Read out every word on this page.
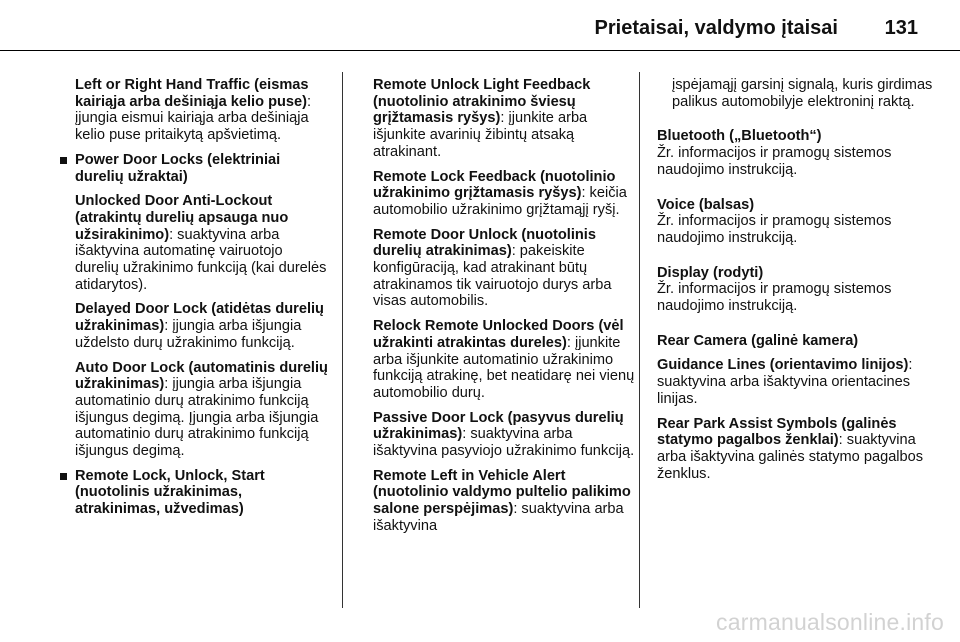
Prietaisai, valdymo įtaisai 131

Left or Right Hand Traffic (eismas kairiąja arba dešiniąja kelio puse): įjungia eismui kairiąja arba dešiniąja kelio puse pritaikytą apšvietimą.

Power Door Locks (elektriniai durelių užraktai)

Unlocked Door Anti-Lockout (atrakintų durelių apsauga nuo užsirakinimo): suaktyvina arba išaktyvina automatinę vairuotojo durelių užrakinimo funkciją (kai durelės atidarytos).

Delayed Door Lock (atidėtas durelių užrakinimas): įjungia arba išjungia uždelsto durų užrakinimo funkciją.

Auto Door Lock (automatinis durelių užrakinimas): įjungia arba išjungia automatinio durų atrakinimo funkciją išjungus degimą. Įjungia arba išjungia automatinio durų atrakinimo funkciją išjungus degimą.

Remote Lock, Unlock, Start (nuotolinis užrakinimas, atrakinimas, užvedimas)

Remote Unlock Light Feedback (nuotolinio atrakinimo šviesų grįžtamasis ryšys): įjunkite arba išjunkite avarinių žibintų atsaką atrakinant.

Remote Lock Feedback (nuotolinio užrakinimo grįžtamasis ryšys): keičia automobilio užrakinimo grįžtamąjį ryšį.

Remote Door Unlock (nuotolinis durelių atrakinimas): pakeiskite konfigūraciją, kad atrakinant būtų atrakinamos tik vairuotojo durys arba visas automobilis.

Relock Remote Unlocked Doors (vėl užrakinti atrakintas dureles): įjunkite arba išjunkite automatinio užrakinimo funkciją atrakinę, bet neatidarę nei vienų automobilio durų.

Passive Door Lock (pasyvus durelių užrakinimas): suaktyvina arba išaktyvina pasyviojo užrakinimo funkciją.

Remote Left in Vehicle Alert (nuotolinio valdymo pultelio palikimo salone perspėjimas): suaktyvina arba išaktyvina

įspėjamąjį garsinį signalą, kuris girdimas palikus automobilyje elektroninį raktą.

Bluetooth („Bluetooth“)
Žr. informacijos ir pramogų sistemos naudojimo instrukciją.

Voice (balsas)
Žr. informacijos ir pramogų sistemos naudojimo instrukciją.

Display (rodyti)
Žr. informacijos ir pramogų sistemos naudojimo instrukciją.

Rear Camera (galinė kamera)

Guidance Lines (orientavimo linijos): suaktyvina arba išaktyvina orientacines linijas.

Rear Park Assist Symbols (galinės statymo pagalbos ženklai): suaktyvina arba išaktyvina galinės statymo pagalbos ženklus.

carmanualsonline.info
